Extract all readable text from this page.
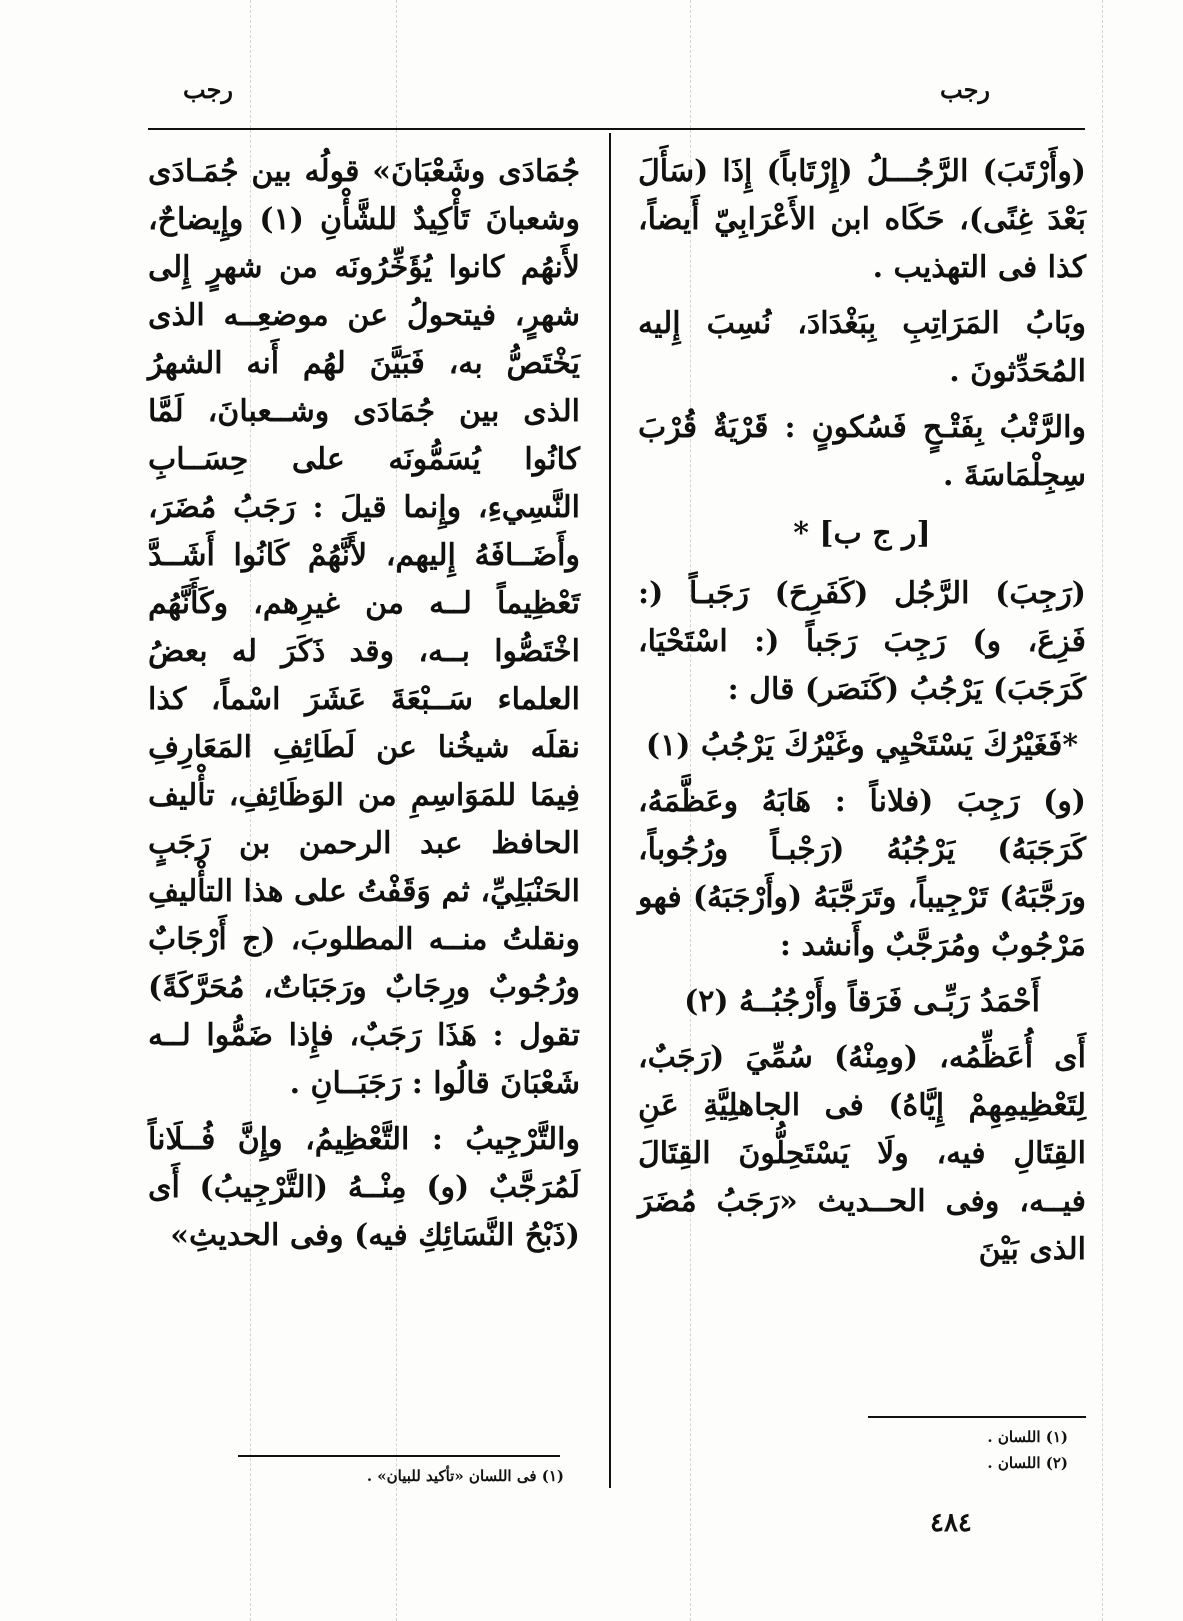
رجب
رجب

(وأَرْتَبَ) الرَّجُـــلُ (إِرْتَاباً) إِذَا (سَأَلَ بَعْدَ غِنًى)، حَكَاه ابن الأَعْرَابِيّ أَيضاً، كذا فى التهذيب .

وبَابُ المَرَاتِبِ بِبَغْدَادَ، نُسِبَ إِليه المُحَدِّثونَ .

والرَّتْبُ بِفَتْـحٍ فَسُكونٍ : قَرْيَةٌ قُرْبَ سِجِلْمَاسَةَ .

[ر ج ب] *

(رَجِبَ) الرَّجُل (كَفَرِحَ) رَجَبـاً (: فَزِعَ، و) رَجِبَ رَجَباً (: اسْتَحْيَا، كَرَجَبَ) يَرْجُبُ (كَنَصَر) قال :

*فَغَيْرُكَ يَسْتَحْيِي وغَيْرُكَ يَرْجُبُ (١)

(و) رَجِبَ (فلاناً : هَابَهُ وعَظَّمَهُ، كَرَجَبَهُ) يَرْجُبُهُ (رَجْبـاً ورُجُوباً، ورَجَّبَهُ) تَرْجِيباً، وتَرَجَّبَهُ (وأَرْجَبَهُ) فهو مَرْجُوبٌ ومُرَجَّبٌ وأَنشد :

أَحْمَدُ رَبِّـى فَرَقاً وأَرْجُبُــهُ (٢)

أَى أُعَظِّمُه، (ومِنْهُ) سُمِّيَ (رَجَبٌ، لِتَعْظِيمِهِمْ إِيَّاهُ) فى الجاهلِيَّةِ عَنِ القِتَالِ فيه، ولَا يَسْتَحِلُّونَ القِتَالَ فيــه، وفى الحــديث «رَجَبُ مُضَرَ الذى بَيْنَ

جُمَادَى وشَعْبَانَ» قولُه بين جُمَـادَى وشعبانَ تَأْكِيدٌ للشَّأْنِ (١) وإِيضاحٌ، لأَنهُم كانوا يُؤَخِّرُونَه من شهرٍ إِلى شهرٍ، فيتحولُ عن موضعِــه الذى يَخْتَصُّ به، فَبَيَّنَ لهُم أَنه الشهرُ الذى بين جُمَادَى وشــعبانَ، لَمَّا كانُوا يُسَمُّونَه على حِسَــابِ النَّسِيءِ، وإِنما قيلَ : رَجَبُ مُضَرَ، وأَضَــافَهُ إِليهم، لأَنَّهُمْ كَانُوا أَشَــدَّ تَعْظِيماً لــه من غيرِهم، وكَأَنَّهُم اخْتَصُّوا بــه، وقد ذَكَرَ له بعضُ العلماء سَــبْعَةَ عَشَرَ اسْماً، كذا نقلَه شيخُنا عن لَطَائِفِ المَعَارِفِ فِيمَا للمَوَاسِمِ من الوَظَائِفِ، تأْليف الحافظ عبد الرحمن بن رَجَبٍ الحَنْبَلِيِّ، ثم وَقَفْتُ على هذا التأْليفِ ونقلتُ منــه المطلوبَ، (ج أَرْجَابٌ ورُجُوبٌ ورِجَابٌ ورَجَبَاتٌ، مُحَرَّكَةً) تقول : هَذَا رَجَبٌ، فإِذا ضَمُّوا لــه شَعْبَانَ قالُوا : رَجَبَــانِ .

والتَّرْجِيبُ : التَّعْظِيمُ، وإِنَّ فُــلَاناً لَمُرَجَّبٌ (و) مِنْــهُ (التَّرْجِيبُ) أَى (ذَبْحُ النَّسَائِكِ فيه) وفى الحديثِ»

(١) اللسان .
(٢) اللسان .
(١) فى اللسان «تأكيد للبيان» .
٤٨٤
